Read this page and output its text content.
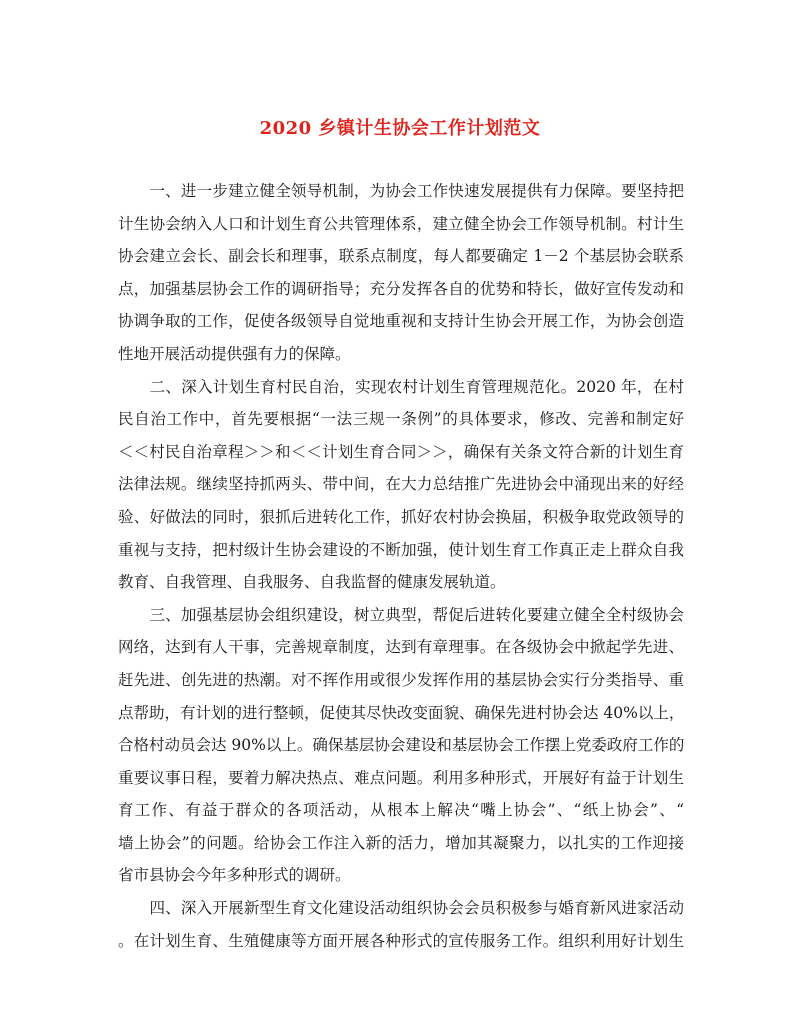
2020 乡镇计生协会工作计划范文
　　一、进一步建立健全领导机制，为协会工作快速发展提供有力保障。要坚持把
计生协会纳入人口和计划生育公共管理体系，建立健全协会工作领导机制。村计生
协会建立会长、副会长和理事，联系点制度，每人都要确定 1－2 个基层协会联系
点，加强基层协会工作的调研指导；充分发挥各自的优势和特长，做好宣传发动和
协调争取的工作，促使各级领导自觉地重视和支持计生协会开展工作，为协会创造
性地开展活动提供强有力的保障。
　　二、深入计划生育村民自治，实现农村计划生育管理规范化。2020 年，在村
民自治工作中，首先要根据“一法三规一条例”的具体要求，修改、完善和制定好
＜＜村民自治章程＞＞和＜＜计划生育合同＞＞，确保有关条文符合新的计划生育
法律法规。继续坚持抓两头、带中间，在大力总结推广先进协会中涌现出来的好经
验、好做法的同时，狠抓后进转化工作，抓好农村协会换届，积极争取党政领导的
重视与支持，把村级计生协会建设的不断加强，使计划生育工作真正走上群众自我
教育、自我管理、自我服务、自我监督的健康发展轨道。
　　三、加强基层协会组织建设，树立典型，帮促后进转化要建立健全全村级协会
网络，达到有人干事，完善规章制度，达到有章理事。在各级协会中掀起学先进、
赶先进、创先进的热潮。对不挥作用或很少发挥作用的基层协会实行分类指导、重
点帮助，有计划的进行整顿，促使其尽快改变面貌、确保先进村协会达 40%以上，
合格村动员会达 90%以上。确保基层协会建设和基层协会工作摆上党委政府工作的
重要议事日程，要着力解决热点、难点问题。利用多种形式，开展好有益于计划生
育工作、有益于群众的各项活动，从根本上解决“嘴上协会”、“纸上协会”、“
墙上协会”的问题。给协会工作注入新的活力，增加其凝聚力，以扎实的工作迎接
省市县协会今年多种形式的调研。
　　四、深入开展新型生育文化建设活动组织协会会员积极参与婚育新风进家活动
。在计划生育、生殖健康等方面开展各种形式的宣传服务工作。组织利用好计划生
